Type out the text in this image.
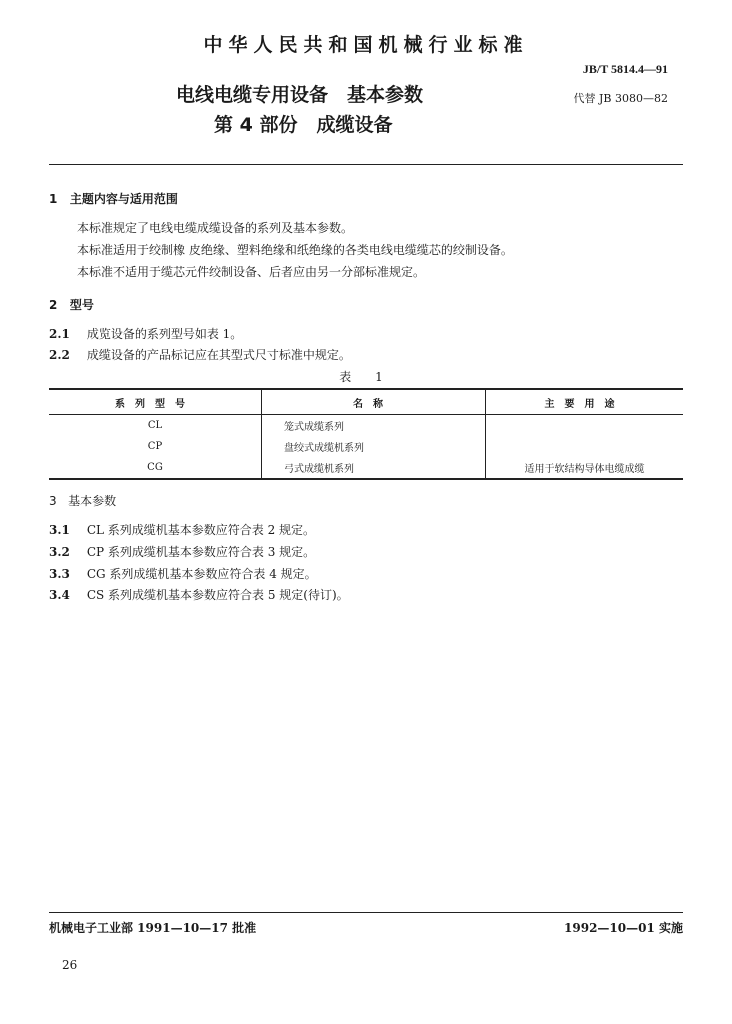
中华人民共和国机械行业标准
JB/T 5814.4—91
代替 JB 3080—82
电线电缆专用设备　基本参数
第 4 部份　成缆设备
1 主题内容与适用范围
本标准规定了电线电缆成缆设备的系列及基本参数。
本标准适用于绞制橡 皮绝缘、塑料绝缘和纸绝缘的各类电线电缆缆芯的绞制设备。
本标准不适用于缆芯元件绞制设备、后者应由另一分部标准规定。
2 型号
2.1 成览设备的系列型号如表 1。
2.2 成缆设备的产品标记应在其型式尺寸标准中规定。
表 1
系列型号	名称	主要用途
CL	笼式成缆系列	
CP	盘绞式成缆机系列	
CG	弓式成缆机系列	适用于软结构导体电缆成缆
3 基本参数
3.1 CL 系列成缆机基本参数应符合表 2 规定。
3.2 CP 系列成缆机基本参数应符合表 3 规定。
3.3 CG 系列成缆机基本参数应符合表 4 规定。
3.4 CS 系列成缆机基本参数应符合表 5 规定(待订)。
机械电子工业部 1991—10—17 批准	1992—10—01 实施
26
